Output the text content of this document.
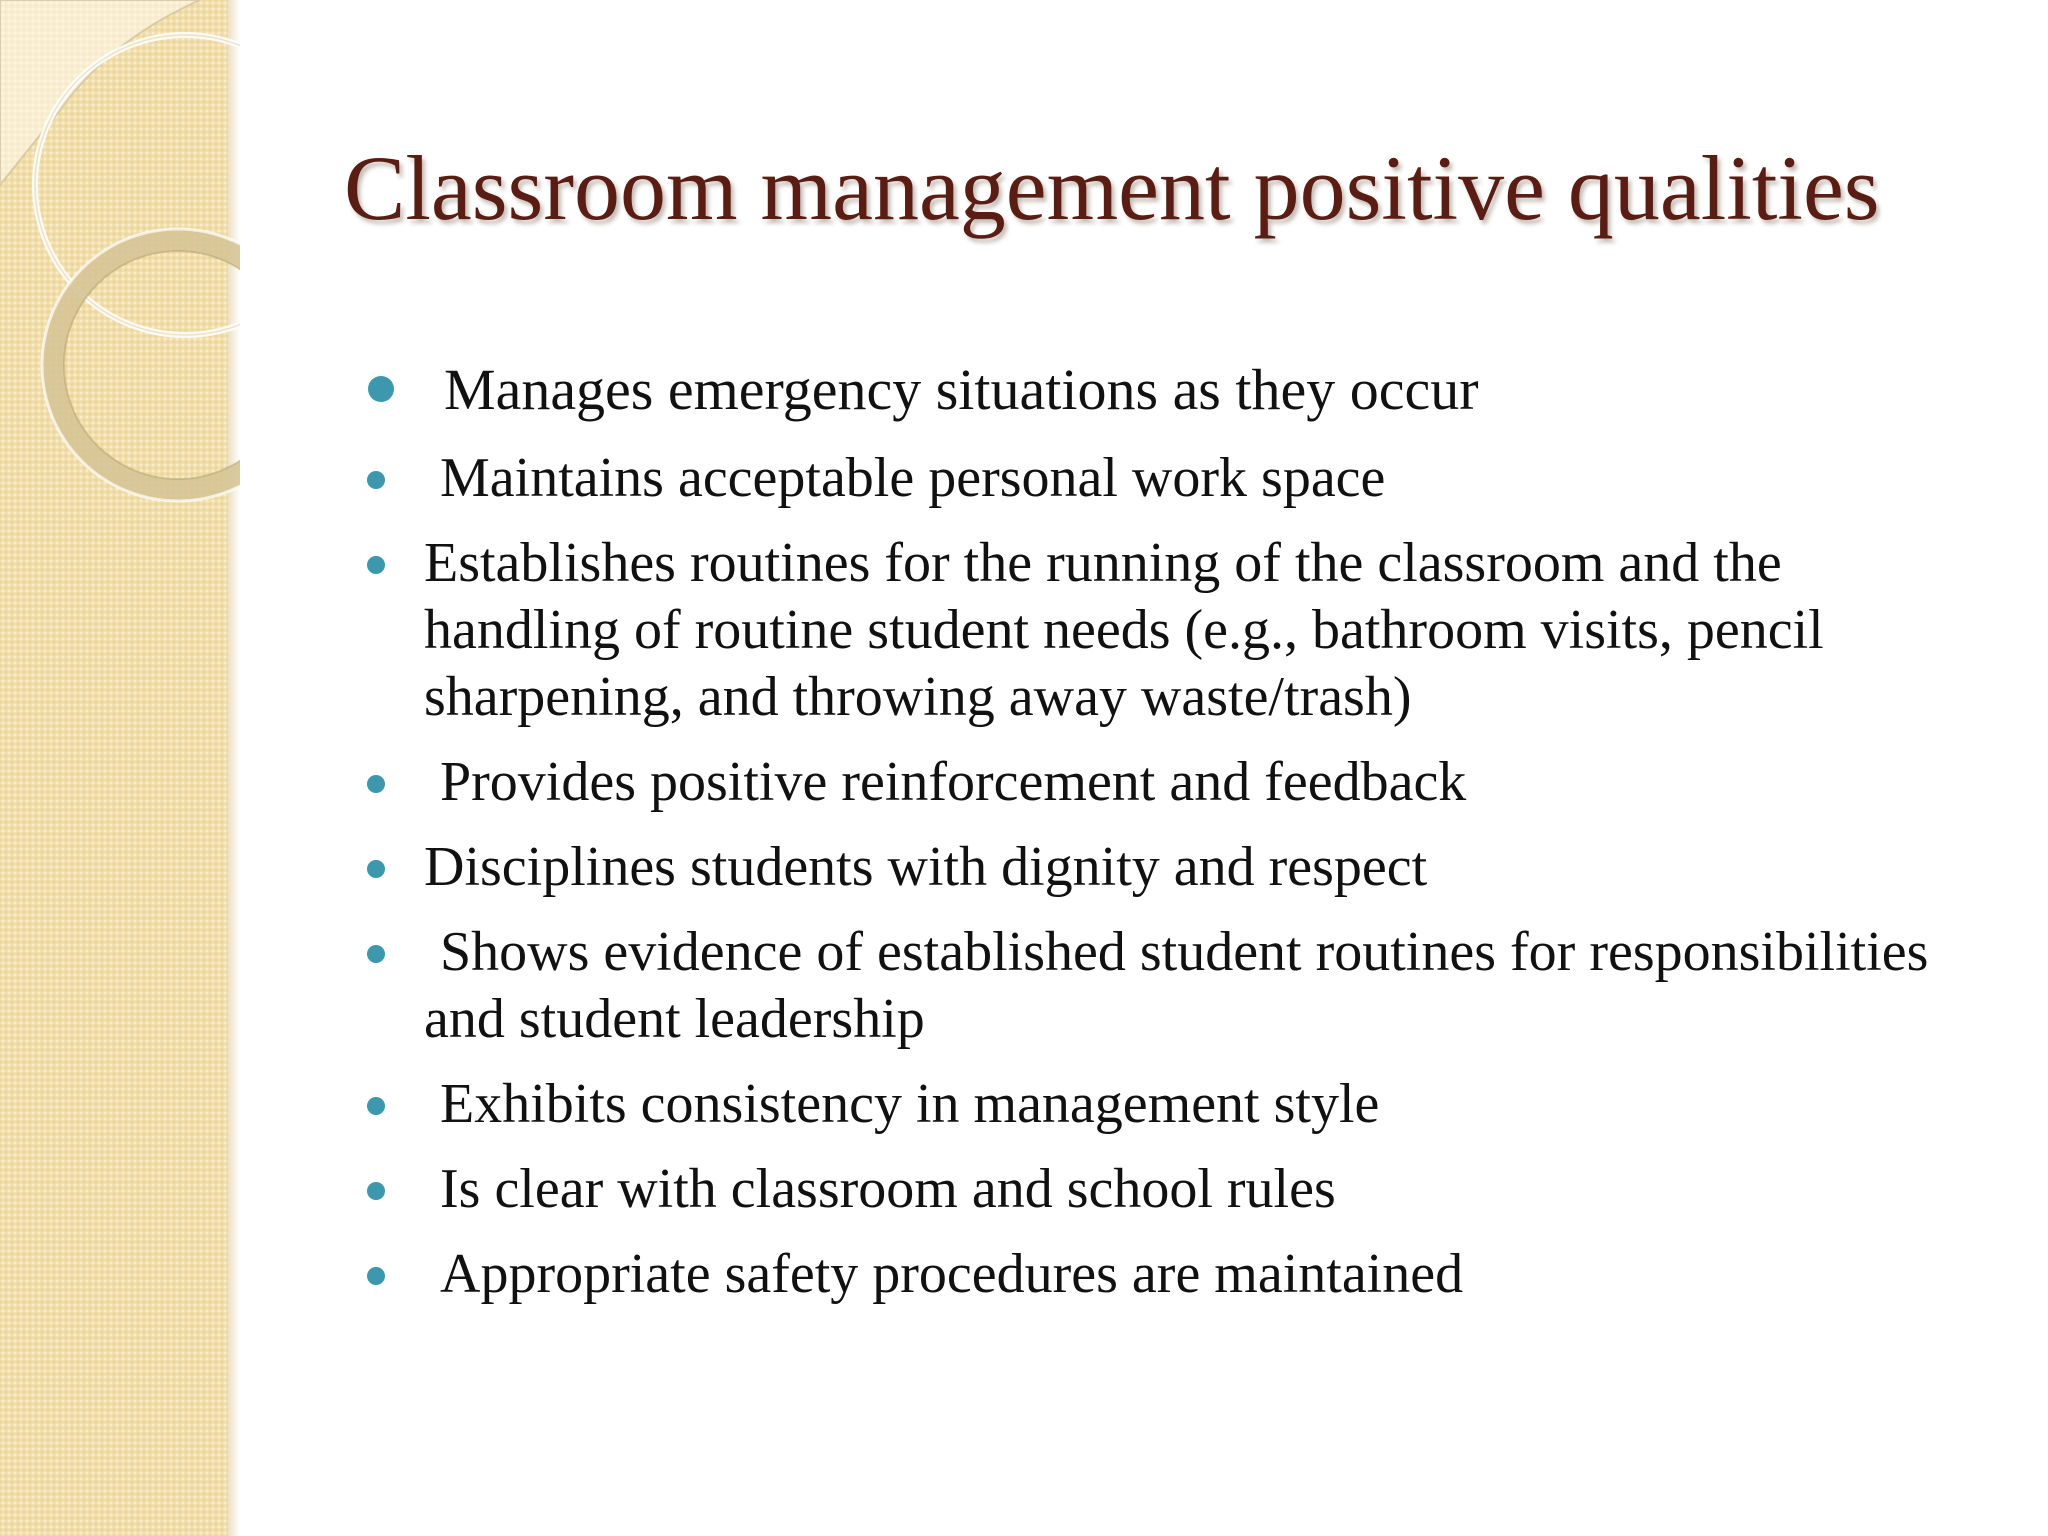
Classroom management positive qualities
Manages emergency situations as they occur
Maintains acceptable personal work space
Establishes routines for the running of the classroom and the handling of routine student needs (e.g., bathroom visits, pencil sharpening, and throwing away waste/trash)
Provides positive reinforcement and feedback
Disciplines students with dignity and respect
Shows evidence of established student routines for responsibilities and student leadership
Exhibits consistency in management style
Is clear with classroom and school rules
Appropriate safety procedures are maintained
